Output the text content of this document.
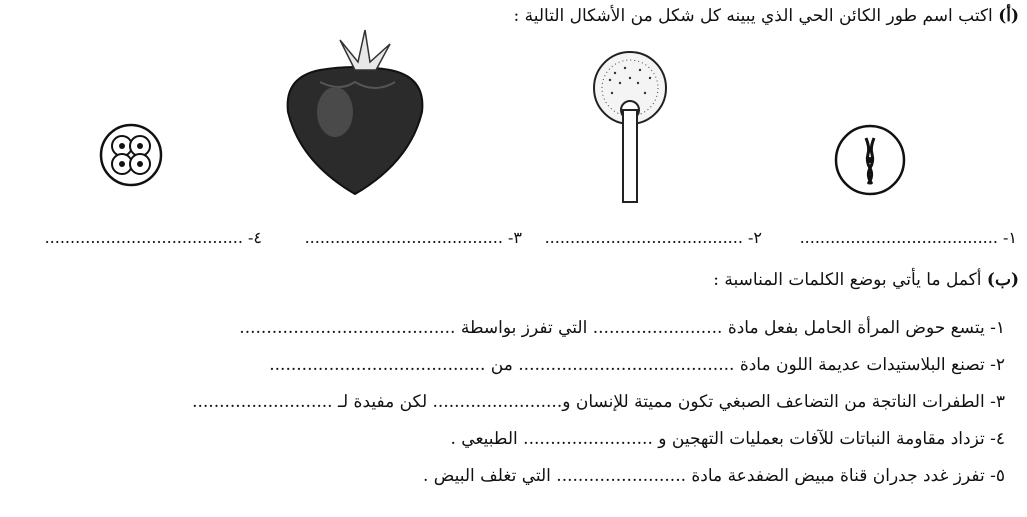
(أ) اكتب اسم طور الكائن الحي الذي يبينه كل شكل من الأشكال التالية :
١- .......................................
٢- .......................................
٣- .......................................
٤- .......................................
(ب) أكمل ما يأتي بوضع الكلمات المناسبة :
١- يتسع حوض المرأة الحامل بفعل مادة ........................ التي تفرز بواسطة ........................................
٢- تصنع البلاستيدات عديمة اللون مادة ........................................ من ........................................
٣- الطفرات الناتجة من التضاعف الصبغي تكون مميتة للإنسان و........................ لكن مفيدة لـ ..........................
٤- تزداد مقاومة النباتات للآفات بعمليات التهجين و ........................ الطبيعي .
٥- تفرز غدد جدران قناة مبيض الضفدعة مادة ........................ التي تغلف البيض .
